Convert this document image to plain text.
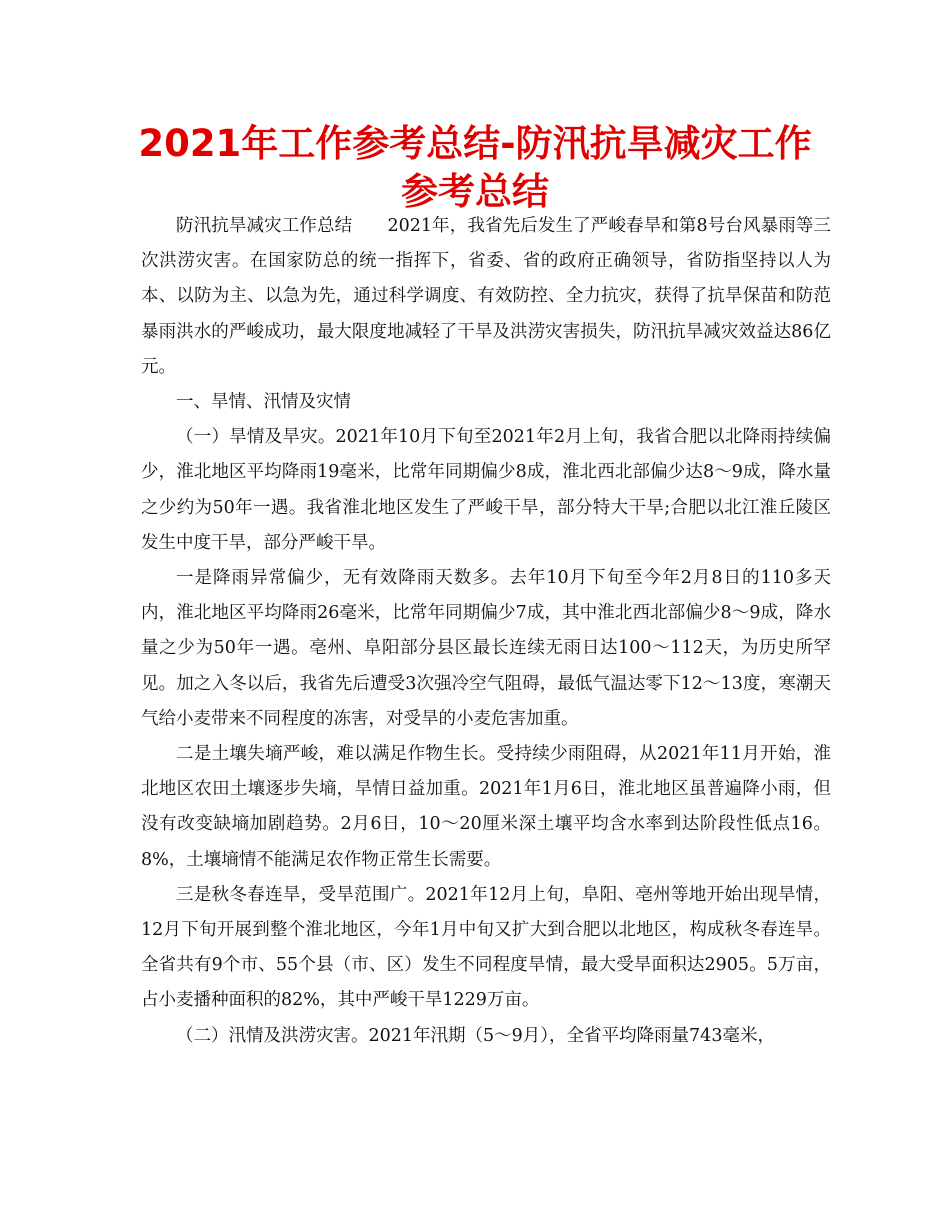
2021年工作参考总结-防汛抗旱减灾工作参考总结

防汛抗旱减灾工作总结　　2021年，我省先后发生了严峻春旱和第8号台风暴雨等三次洪涝灾害。在国家防总的统一指挥下，省委、省的政府正确领导，省防指坚持以人为本、以防为主、以急为先，通过科学调度、有效防控、全力抗灾，获得了抗旱保苗和防范暴雨洪水的严峻成功，最大限度地减轻了干旱及洪涝灾害损失，防汛抗旱减灾效益达86亿元。

一、旱情、汛情及灾情

（一）旱情及旱灾。2021年10月下旬至2021年2月上旬，我省合肥以北降雨持续偏少，淮北地区平均降雨19毫米，比常年同期偏少8成，淮北西北部偏少达8～9成，降水量之少约为50年一遇。我省淮北地区发生了严峻干旱，部分特大干旱;合肥以北江淮丘陵区发生中度干旱，部分严峻干旱。

一是降雨异常偏少，无有效降雨天数多。去年10月下旬至今年2月8日的110多天内，淮北地区平均降雨26毫米，比常年同期偏少7成，其中淮北西北部偏少8～9成，降水量之少为50年一遇。亳州、阜阳部分县区最长连续无雨日达100～112天，为历史所罕见。加之入冬以后，我省先后遭受3次强冷空气阻碍，最低气温达零下12～13度，寒潮天气给小麦带来不同程度的冻害，对受旱的小麦危害加重。

二是土壤失墒严峻，难以满足作物生长。受持续少雨阻碍，从2021年11月开始，淮北地区农田土壤逐步失墒，旱情日益加重。2021年1月6日，淮北地区虽普遍降小雨，但没有改变缺墒加剧趋势。2月6日，10～20厘米深土壤平均含水率到达阶段性低点16。8%，土壤墒情不能满足农作物正常生长需要。

三是秋冬春连旱，受旱范围广。2021年12月上旬，阜阳、亳州等地开始出现旱情，12月下旬开展到整个淮北地区，今年1月中旬又扩大到合肥以北地区，构成秋冬春连旱。全省共有9个市、55个县（市、区）发生不同程度旱情，最大受旱面积达2905。5万亩，占小麦播种面积的82%，其中严峻干旱1229万亩。

（二）汛情及洪涝灾害。2021年汛期（5～9月），全省平均降雨量743毫米，
